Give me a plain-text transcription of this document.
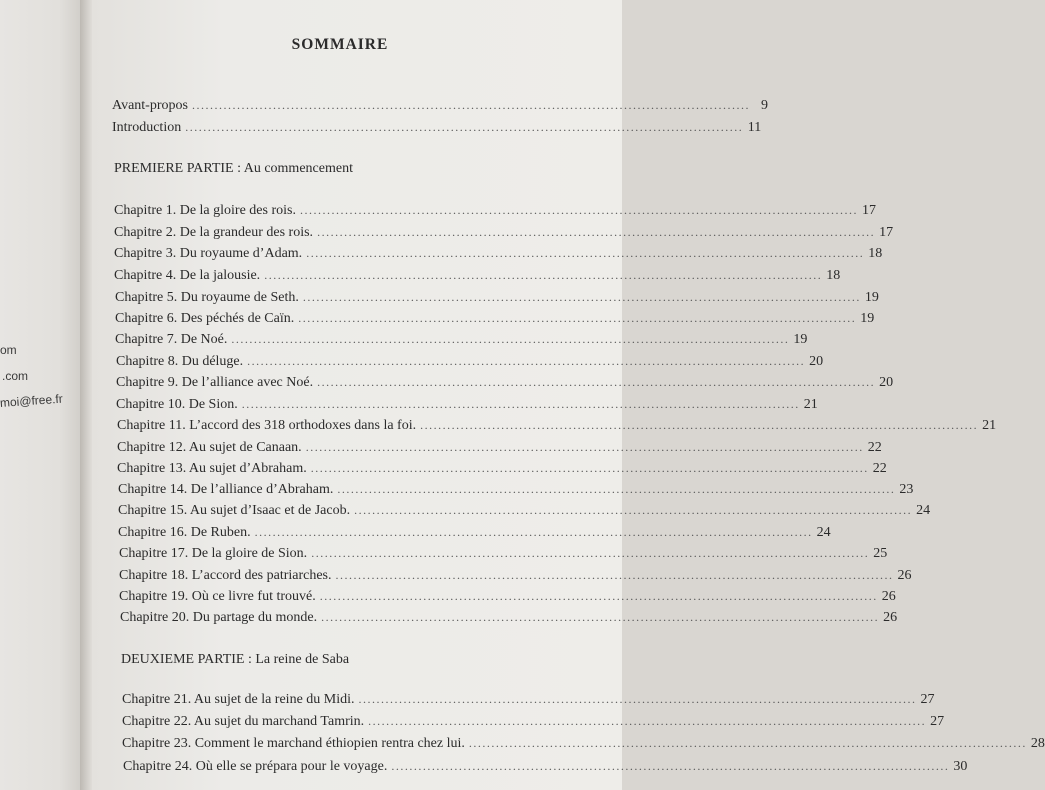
om
.com
moi@free.fr
SOMMAIRE
Avant-propos ............................................................................................................................ 9
Introduction ............................................................................................................................ 11
PREMIERE PARTIE : Au commencement
Chapitre 1. De la gloire des rois. ............................................................................................................................ 17
Chapitre 2. De la grandeur des rois. ............................................................................................................................ 17
Chapitre 3. Du royaume d’Adam. ............................................................................................................................ 18
Chapitre 4. De la jalousie. ............................................................................................................................ 18
Chapitre 5. Du royaume de Seth. ............................................................................................................................ 19
Chapitre 6. Des péchés de Caïn. ............................................................................................................................ 19
Chapitre 7. De Noé. ............................................................................................................................ 19
Chapitre 8. Du déluge. ............................................................................................................................ 20
Chapitre 9. De l’alliance avec Noé. ............................................................................................................................ 20
Chapitre 10. De Sion. ............................................................................................................................ 21
Chapitre 11. L’accord des 318 orthodoxes dans la foi. ............................................................................................................................ 21
Chapitre 12. Au sujet de Canaan. ............................................................................................................................ 22
Chapitre 13. Au sujet d’Abraham. ............................................................................................................................ 22
Chapitre 14. De l’alliance d’Abraham. ............................................................................................................................ 23
Chapitre 15. Au sujet d’Isaac et de Jacob. ............................................................................................................................ 24
Chapitre 16. De Ruben. ............................................................................................................................ 24
Chapitre 17. De la gloire de Sion. ............................................................................................................................ 25
Chapitre 18. L’accord des patriarches. ............................................................................................................................ 26
Chapitre 19. Où ce livre fut trouvé. ............................................................................................................................ 26
Chapitre 20. Du partage du monde. ............................................................................................................................ 26
DEUXIEME PARTIE : La reine de Saba
Chapitre 21. Au sujet de la reine du Midi. ............................................................................................................................ 27
Chapitre 22. Au sujet du marchand Tamrin. ............................................................................................................................ 27
Chapitre 23. Comment le marchand éthiopien rentra chez lui. ............................................................................................................................ 28
Chapitre 24. Où elle se prépara pour le voyage. ............................................................................................................................ 30
